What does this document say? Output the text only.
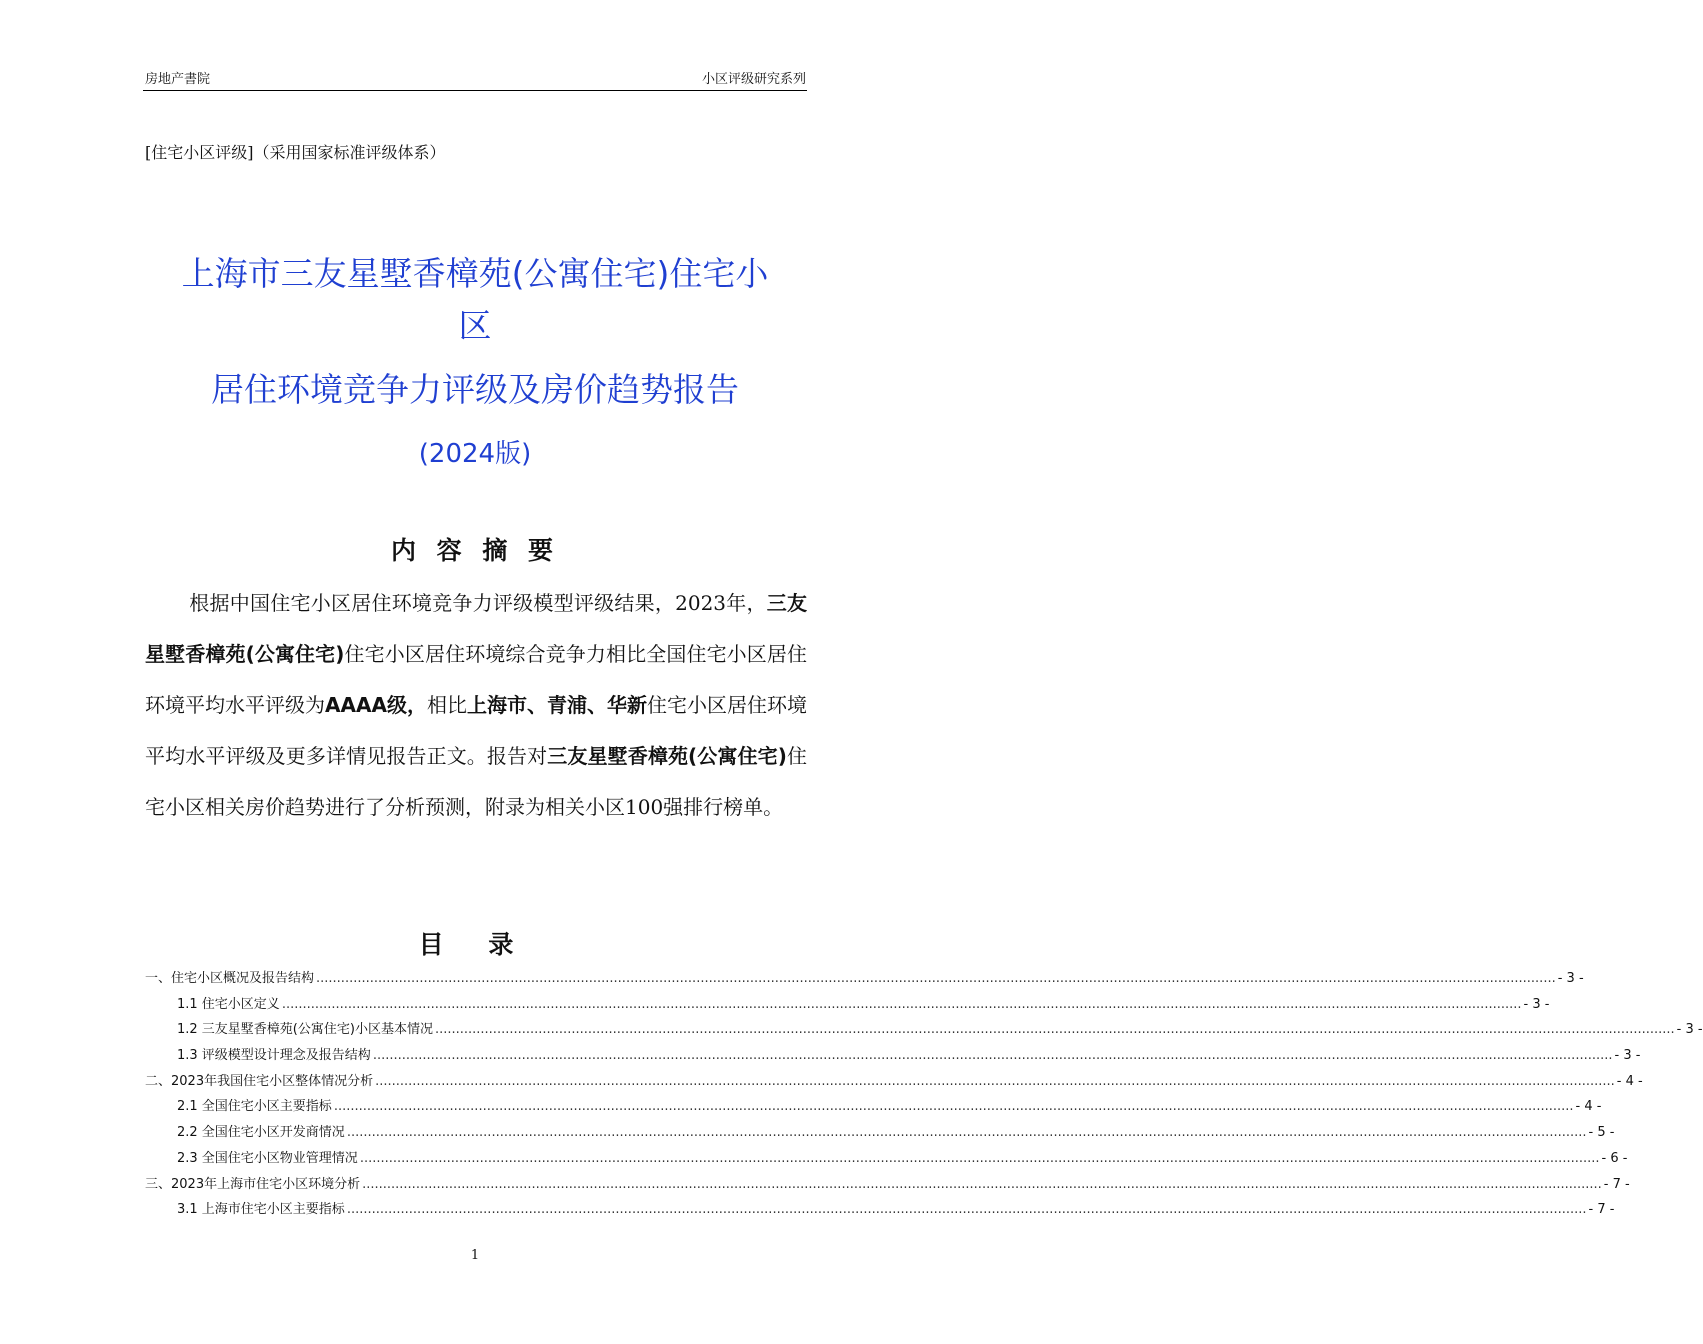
房地产書院	小区评级研究系列
[住宅小区评级]（采用国家标准评级体系）
上海市三友星墅香樟苑(公寓住宅)住宅小
区
居住环境竞争力评级及房价趋势报告
(2024版)
内 容 摘 要

根据中国住宅小区居住环境竞争力评级模型评级结果，2023年，三友星墅香樟苑(公寓住宅)住宅小区居住环境综合竞争力相比全国住宅小区居住环境平均水平评级为AAAA级，相比上海市、青浦、华新住宅小区居住环境平均水平评级及更多详情见报告正文。报告对三友星墅香樟苑(公寓住宅)住宅小区相关房价趋势进行了分析预测，附录为相关小区100强排行榜单。

目 录
一、住宅小区概况及报告结构 ............................................................................................................................................................................................................................................................................................................ - 3 -
1.1 住宅小区定义 ............................................................................................................................................................................................................................................................................................................ - 3 -
1.2 三友星墅香樟苑(公寓住宅)小区基本情况 ............................................................................................................................................................................................................................................................................................................ - 3 -
1.3 评级模型设计理念及报告结构 ............................................................................................................................................................................................................................................................................................................ - 3 -
二、2023年我国住宅小区整体情况分析 ............................................................................................................................................................................................................................................................................................................ - 4 -
2.1 全国住宅小区主要指标 ............................................................................................................................................................................................................................................................................................................ - 4 -
2.2 全国住宅小区开发商情况 ............................................................................................................................................................................................................................................................................................................ - 5 -
2.3 全国住宅小区物业管理情况 ............................................................................................................................................................................................................................................................................................................ - 6 -
三、2023年上海市住宅小区环境分析 ............................................................................................................................................................................................................................................................................................................ - 7 -
3.1 上海市住宅小区主要指标 ............................................................................................................................................................................................................................................................................................................ - 7 -
1
